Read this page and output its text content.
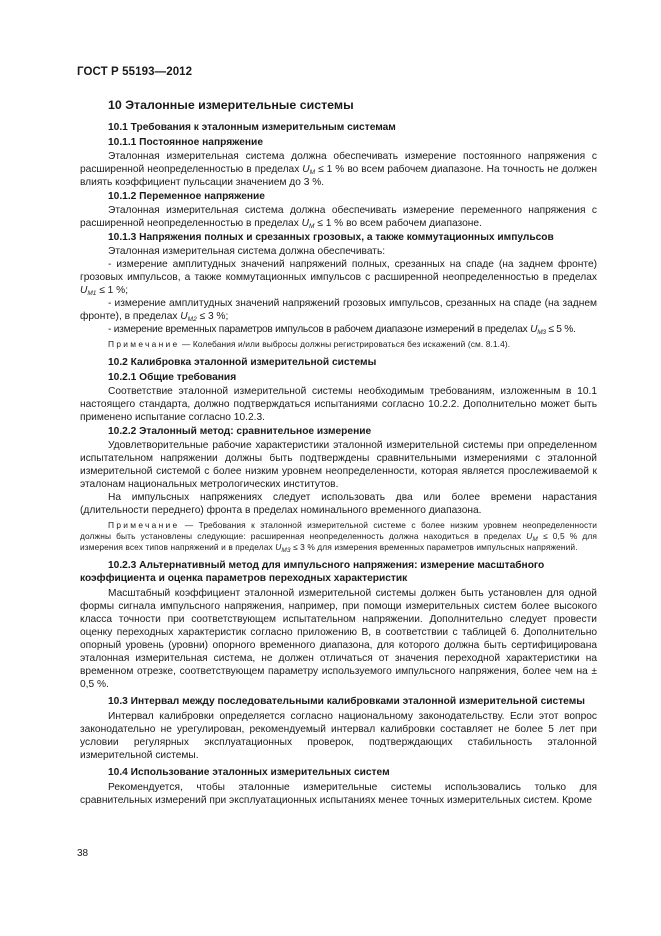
ГОСТ Р 55193—2012
10 Эталонные измерительные системы
10.1 Требования к эталонным измерительным системам
10.1.1 Постоянное напряжение

Эталонная измерительная система должна обеспечивать измерение постоянного напряжения с расширенной неопределенностью в пределах $U_M \le 1$ % во всем рабочем диапазоне. На точность не должен влиять коэффициент пульсации значением до 3 %.

10.1.2 Переменное напряжение

Эталонная измерительная система должна обеспечивать измерение переменного напряжения с расширенной неопределенностью в пределах $U_M \le 1$ % во всем рабочем диапазоне.

10.1.3 Напряжения полных и срезанных грозовых, а также коммутационных импульсов

Эталонная измерительная система должна обеспечивать:

- измерение амплитудных значений напряжений полных, срезанных на спаде (на заднем фронте) грозовых импульсов, а также коммутационных импульсов с расширенной неопределенностью в пределах $U_{M1} \le 1$ %;

- измерение амплитудных значений напряжений грозовых импульсов, срезанных на спаде (на заднем фронте), в пределах $U_{M2} \le 3$ %;

- измерение временных параметров импульсов в рабочем диапазоне измерений в пределах $U_{M3} \le 5$ %.

Примечание — Колебания и/или выбросы должны регистрироваться без искажений (см. 8.1.4).

10.2 Калибровка эталонной измерительной системы
10.2.1 Общие требования

Соответствие эталонной измерительной системы необходимым требованиям, изложенным в 10.1 настоящего стандарта, должно подтверждаться испытаниями согласно 10.2.2. Дополнительно может быть применено испытание согласно 10.2.3.

10.2.2 Эталонный метод: сравнительное измерение

Удовлетворительные рабочие характеристики эталонной измерительной системы при определенном испытательном напряжении должны быть подтверждены сравнительными измерениями с эталонной измерительной системой с более низким уровнем неопределенности, которая является прослеживаемой к эталонам национальных метрологических институтов.

На импульсных напряжениях следует использовать два или более времени нарастания (длительности переднего) фронта в пределах номинального временного диапазона.

Примечание — Требования к эталонной измерительной системе с более низким уровнем неопределенности должны быть установлены следующие: расширенная неопределенность должна находиться в пределах $U_M \le 0,5$ % для измерения всех типов напряжений и в пределах $U_{M3} \le 3$ % для измерения временных параметров импульсных напряжений.

10.2.3 Альтернативный метод для импульсного напряжения: измерение масштабного коэффициента и оценка параметров переходных характеристик

Масштабный коэффициент эталонной измерительной системы должен быть установлен для одной формы сигнала импульсного напряжения, например, при помощи измерительных систем более высокого класса точности при соответствующем испытательном напряжении. Дополнительно следует провести оценку переходных характеристик согласно приложению В, в соответствии с таблицей 6. Дополнительно опорный уровень (уровни) опорного временного диапазона, для которого должна быть сертифицирована эталонная измерительная система, не должен отличаться от значения переходной характеристики на временном отрезке, соответствующем параметру используемого импульсного напряжения, более чем на ± 0,5 %.

10.3 Интервал между последовательными калибровками эталонной измерительной системы

Интервал калибровки определяется согласно национальному законодательству. Если этот вопрос законодательно не урегулирован, рекомендуемый интервал калибровки составляет не более 5 лет при условии регулярных эксплуатационных проверок, подтверждающих стабильность эталонной измерительной системы.

10.4 Использование эталонных измерительных систем

Рекомендуется, чтобы эталонные измерительные системы использовались только для сравнительных измерений при эксплуатационных испытаниях менее точных измерительных систем. Кроме

38
